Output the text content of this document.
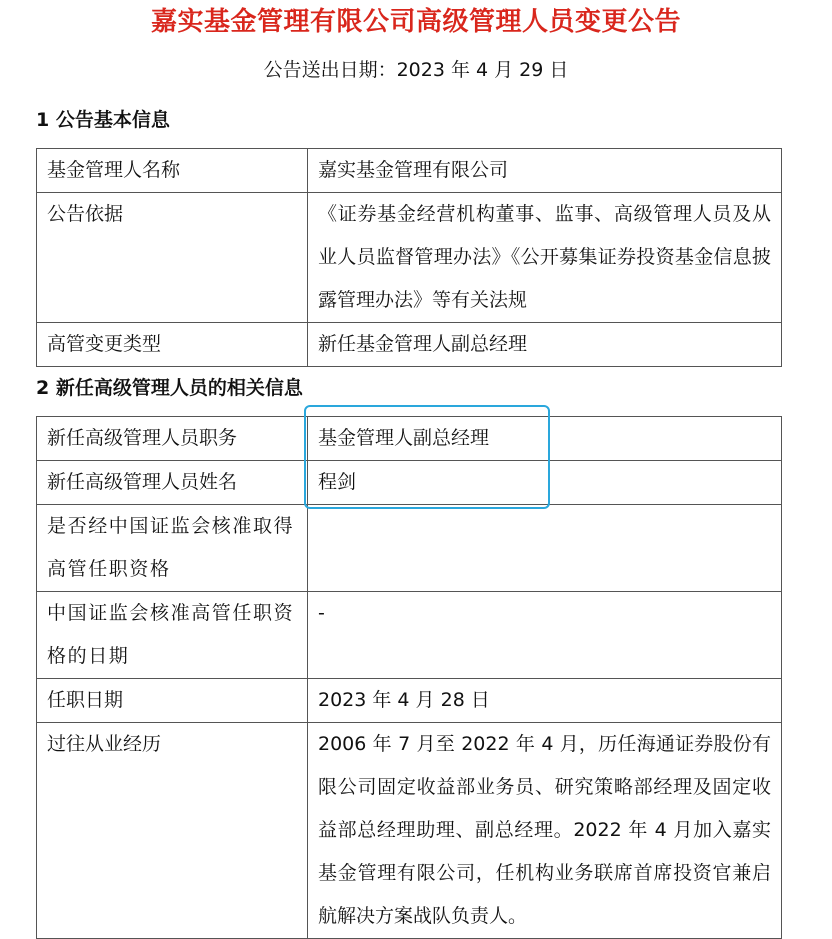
嘉实基金管理有限公司高级管理人员变更公告
公告送出日期：2023 年 4 月 29 日
1 公告基本信息
基金管理人名称	嘉实基金管理有限公司
公告依据	《证券基金经营机构董事、监事、高级管理人员及从业人员监督管理办法》《公开募集证券投资基金信息披露管理办法》等有关法规
高管变更类型	新任基金管理人副总经理
2 新任高级管理人员的相关信息
新任高级管理人员职务	基金管理人副总经理
新任高级管理人员姓名	程剑
是否经中国证监会核准取得高管任职资格	
中国证监会核准高管任职资格的日期	-
任职日期	2023 年 4 月 28 日
过往从业经历	2006 年 7 月至 2022 年 4 月，历任海通证券股份有限公司固定收益部业务员、研究策略部经理及固定收益部总经理助理、副总经理。2022 年 4 月加入嘉实基金管理有限公司，任机构业务联席首席投资官兼启航解决方案战队负责人。
